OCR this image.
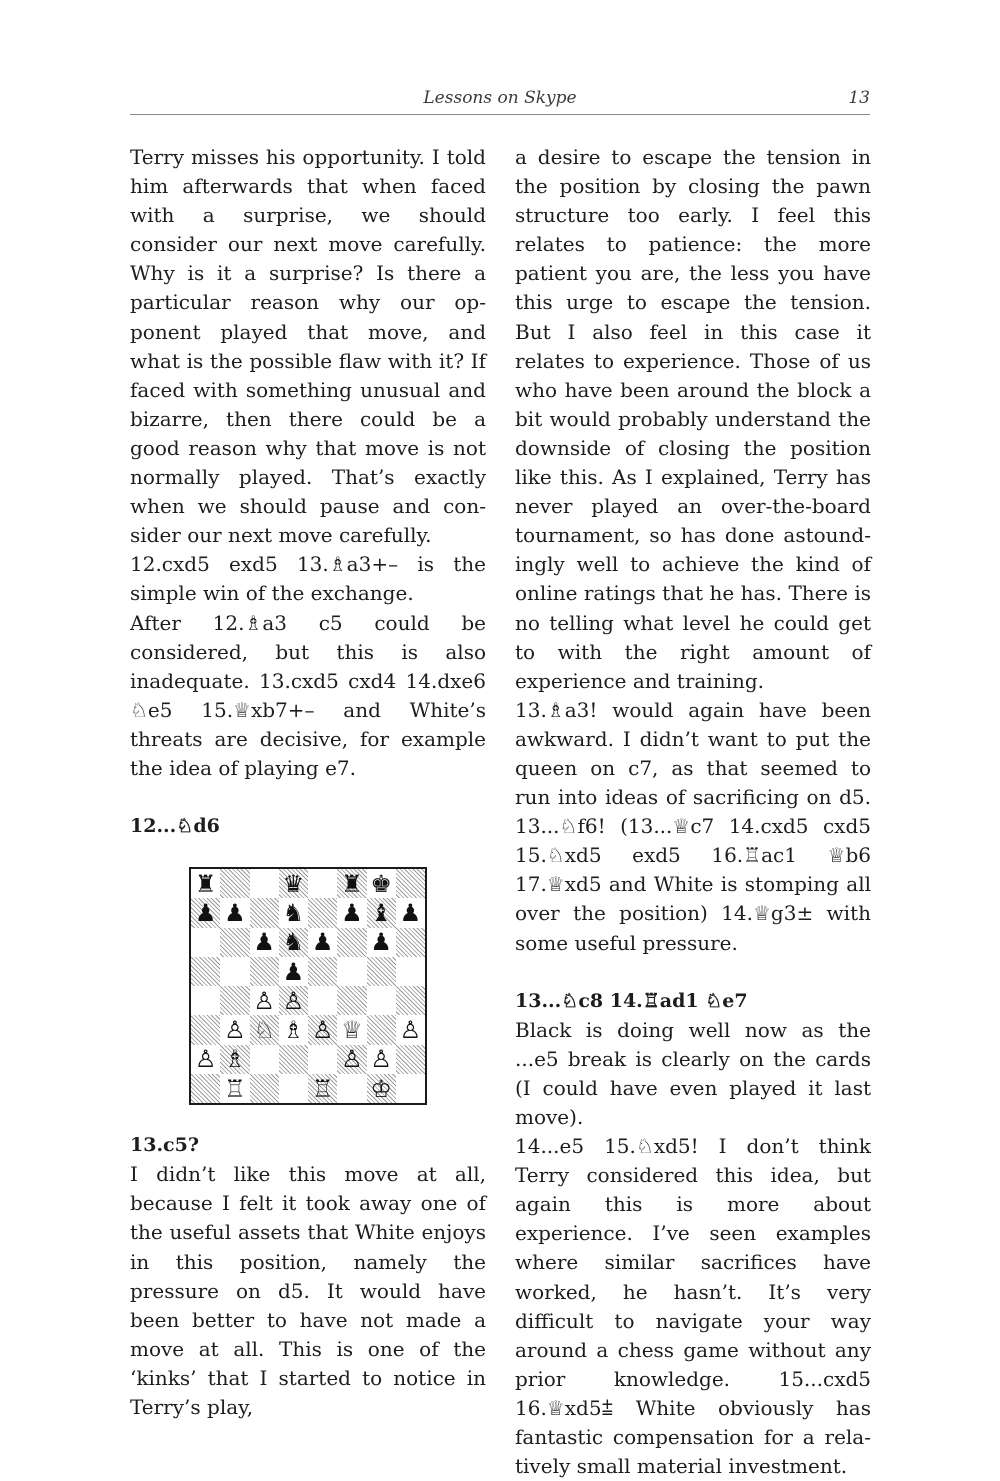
Lessons on Skype	13

Terry misses his opportunity. I told him afterwards that when faced with a surprise, we should consider our next move carefully. Why is it a surprise? Is there a particular reason why our opponent played that move, and what is the possible flaw with it? If faced with something unusual and bizarre, then there could be a good reason why that move is not normally played. That’s exactly when we should pause and consider our next move carefully.

12.cxd5 exd5 13.♗a3+– is the simple win of the exchange.

After 12.♗a3 c5 could be considered, but this is also inadequate. 13.cxd5 cxd4 14.dxe6 ♘e5 15.♕xb7+– and White’s threats are decisive, for example the idea of playing e7.

12...♘d6

♜	♛ ♜ ♚
♟ ♟ ♞ ♟ ♝ ♟
♟ ♞ ♟ ♟
♟
♙ ♙
♙ ♘ ♗ ♙ ♕ ♙
♙ ♗	♙ ♙
♖	♖ ♔

13.c5?

I didn’t like this move at all, because I felt it took away one of the useful assets that White enjoys in this position, namely the pressure on d5. It would have been better to have not made a move at all. This is one of the ‘kinks’ that I started to notice in Terry’s play,

a desire to escape the tension in the position by closing the pawn structure too early. I feel this relates to patience: the more patient you are, the less you have this urge to escape the tension. But I also feel in this case it relates to experience. Those of us who have been around the block a bit would probably understand the downside of closing the position like this. As I explained, Terry has never played an over-the-board tournament, so has done astoundingly well to achieve the kind of online ratings that he has. There is no telling what level he could get to with the right amount of experience and training.

13.♗a3! would again have been awkward. I didn’t want to put the queen on c7, as that seemed to run into ideas of sacrificing on d5. 13...♘f6! (13...♕c7 14.cxd5 cxd5 15.♘xd5 exd5 16.♖ac1 ♕b6 17.♕xd5 and White is stomping all over the position) 14.♕g3± with some useful pressure.

13...♘c8 14.♖ad1 ♘e7

Black is doing well now as the ...e5 break is clearly on the cards (I could have even played it last move).

14...e5 15.♘xd5! I don’t think Terry considered this idea, but again this is more about experience. I’ve seen examples where similar sacrifices have worked, he hasn’t. It’s very difficult to navigate your way around a chess game without any prior knowledge. 15...cxd5 16.♕xd5⩲ White obviously has fantastic compensation for a relatively small material investment.
